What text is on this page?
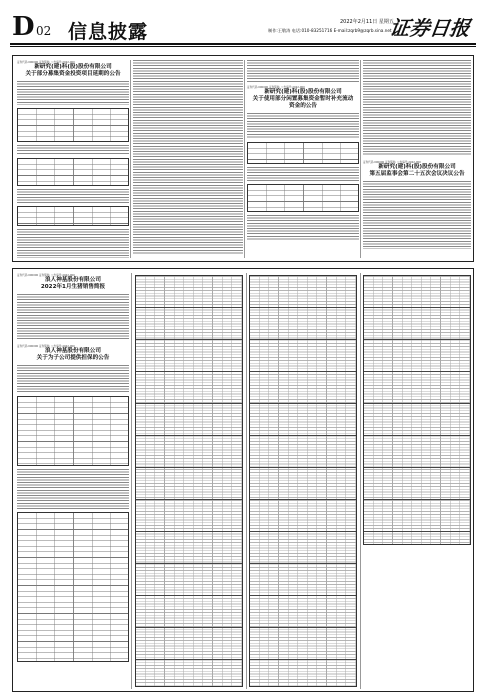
D 02 信息披露	2022年2月11日 星期五
制作:王敬涛 电话:010-83251716 E-mail:zqrb9@zqrb.sina.net
证券日报
证券代码:000000 证券简称: 公告编号:2022-000
新研究(建)科(股)股份有限公司
关于部分募集资金投资项目延期的公告
证券代码:000000 证券简称: 公告编号:2022-000
新研究(建)科(股)股份有限公司
关于使用部分闲置募集资金暂时补充流动
资金的公告
证券代码:000000 证券简称: 公告编号:2022-000
新研究(建)科(股)股份有限公司
第五届监事会第二十五次会议决议公告
证券代码:000000 证券简称: 公告编号:2022-000
浪人神基股份有限公司
2022年1月生猪销售简报
证券代码:000000 证券简称: 公告编号:2022-000
浪人神基股份有限公司
关于为子公司提供担保的公告
